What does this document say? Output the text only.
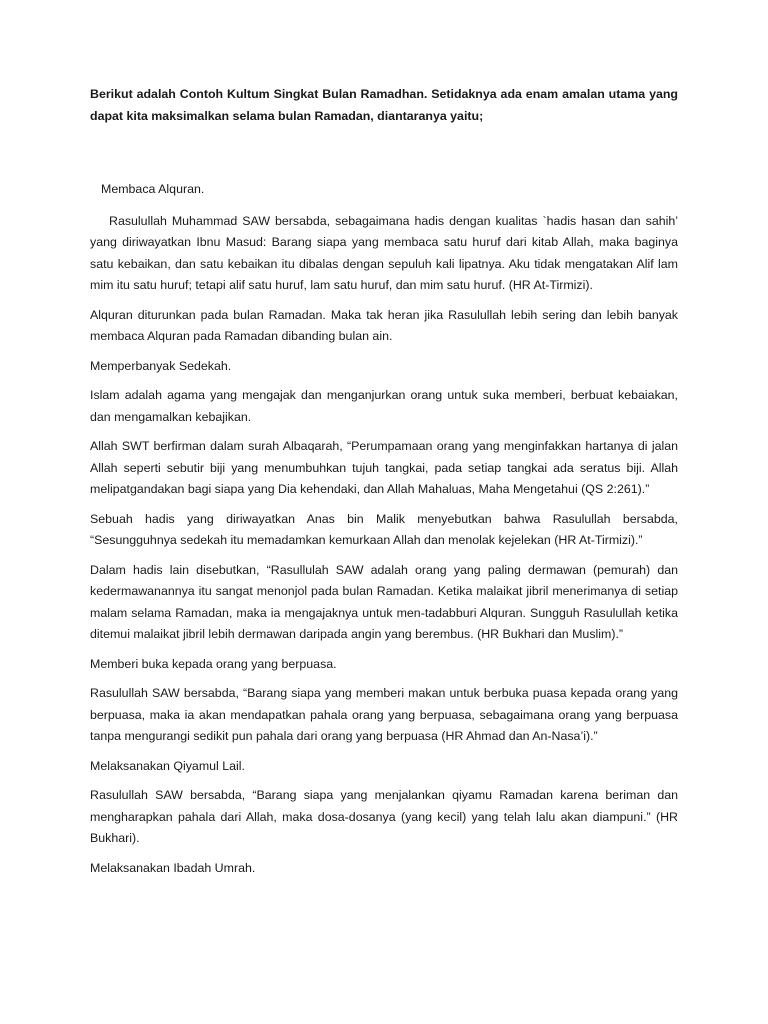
Berikut adalah Contoh Kultum Singkat Bulan Ramadhan. Setidaknya ada enam amalan utama yang dapat kita maksimalkan selama bulan Ramadan, diantaranya yaitu;

Membaca Alquran.

Rasulullah Muhammad SAW bersabda, sebagaimana hadis dengan kualitas `hadis hasan dan sahih’ yang diriwayatkan Ibnu Masud: Barang siapa yang membaca satu huruf dari kitab Allah, maka baginya satu kebaikan, dan satu kebaikan itu dibalas dengan sepuluh kali lipatnya. Aku tidak mengatakan Alif lam mim itu satu huruf; tetapi alif satu huruf, lam satu huruf, dan mim satu huruf. (HR At-Tirmizi).

Alquran diturunkan pada bulan Ramadan. Maka tak heran jika Rasulullah lebih sering dan lebih banyak membaca Alquran pada Ramadan dibanding bulan ain.

Memperbanyak Sedekah.

Islam adalah agama yang mengajak dan menganjurkan orang untuk suka memberi, berbuat kebaiakan, dan mengamalkan kebajikan.

Allah SWT berfirman dalam surah Albaqarah, “Perumpamaan orang yang menginfakkan hartanya di jalan Allah seperti sebutir biji yang menumbuhkan tujuh tangkai, pada setiap tangkai ada seratus biji. Allah melipatgandakan bagi siapa yang Dia kehendaki, dan Allah Mahaluas, Maha Mengetahui (QS 2:261).”

Sebuah hadis yang diriwayatkan Anas bin Malik menyebutkan bahwa Rasulullah bersabda, “Sesungguhnya sedekah itu memadamkan kemurkaan Allah dan menolak kejelekan (HR At-Tirmizi).”

Dalam hadis lain disebutkan, “Rasullulah SAW adalah orang yang paling dermawan (pemurah) dan kedermawanannya itu sangat menonjol pada bulan Ramadan. Ketika malaikat jibril menerimanya di setiap malam selama Ramadan, maka ia mengajaknya untuk men-tadabburi Alquran. Sungguh Rasulullah ketika ditemui malaikat jibril lebih dermawan daripada angin yang berembus. (HR Bukhari dan Muslim).”

Memberi buka kepada orang yang berpuasa.

Rasulullah SAW bersabda, “Barang siapa yang memberi makan untuk berbuka puasa kepada orang yang berpuasa, maka ia akan mendapatkan pahala orang yang berpuasa, sebagaimana orang yang berpuasa tanpa mengurangi sedikit pun pahala dari orang yang berpuasa (HR Ahmad dan An-Nasa’i).”

Melaksanakan Qiyamul Lail.

Rasulullah SAW bersabda, “Barang siapa yang menjalankan qiyamu Ramadan karena beriman dan mengharapkan pahala dari Allah, maka dosa-dosanya (yang kecil) yang telah lalu akan diampuni.” (HR Bukhari).

Melaksanakan Ibadah Umrah.
